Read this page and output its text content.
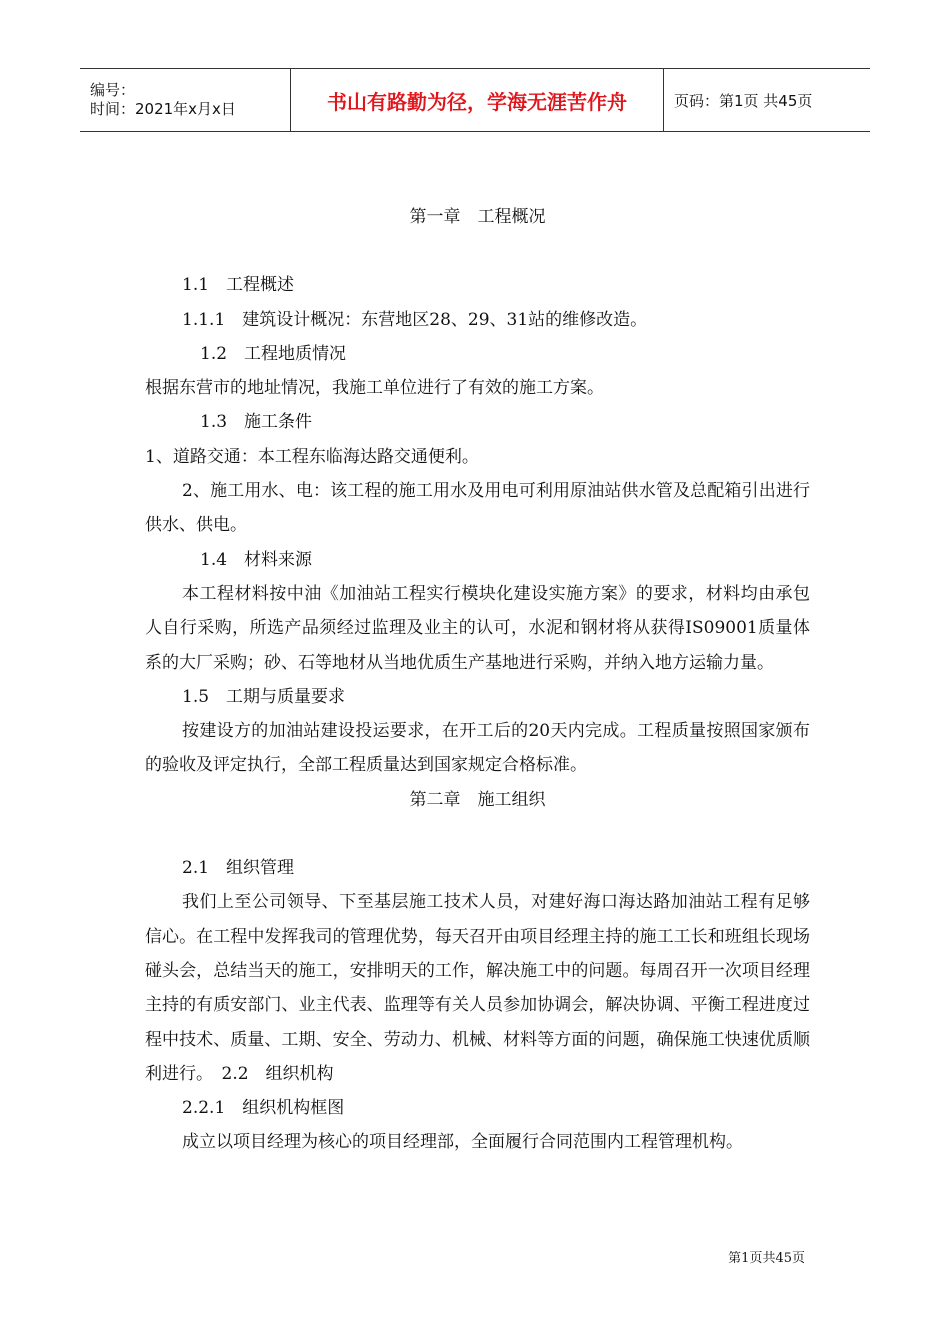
编号：
时间：2021年x月x日	书山有路勤为径，学海无涯苦作舟	页码：第1页 共45页
第一章　工程概况
1.1　工程概述
1.1.1　建筑设计概况：东营地区28、29、31站的维修改造。
1.2　工程地质情况
根据东营市的地址情况，我施工单位进行了有效的施工方案。
1.3　施工条件
1、道路交通：本工程东临海达路交通便利。
2、施工用水、电：该工程的施工用水及用电可利用原油站供水管及总配箱引出进行供水、供电。
1.4　材料来源
本工程材料按中油《加油站工程实行模块化建设实施方案》的要求，材料均由承包人自行采购，所选产品须经过监理及业主的认可，水泥和钢材将从获得IS09001质量体系的大厂采购；砂、石等地材从当地优质生产基地进行采购，并纳入地方运输力量。
1.5　工期与质量要求
按建设方的加油站建设投运要求，在开工后的20天内完成。工程质量按照国家颁布的验收及评定执行，全部工程质量达到国家规定合格标准。
第二章　施工组织
2.1　组织管理
我们上至公司领导、下至基层施工技术人员，对建好海口海达路加油站工程有足够信心。在工程中发挥我司的管理优势，每天召开由项目经理主持的施工工长和班组长现场碰头会，总结当天的施工，安排明天的工作，解决施工中的问题。每周召开一次项目经理主持的有质安部门、业主代表、监理等有关人员参加协调会，解决协调、平衡工程进度过程中技术、质量、工期、安全、劳动力、机械、材料等方面的问题，确保施工快速优质顺利进行。　2.2　组织机构
2.2.1　组织机构框图
成立以项目经理为核心的项目经理部，全面履行合同范围内工程管理机构。
第1页共45页
